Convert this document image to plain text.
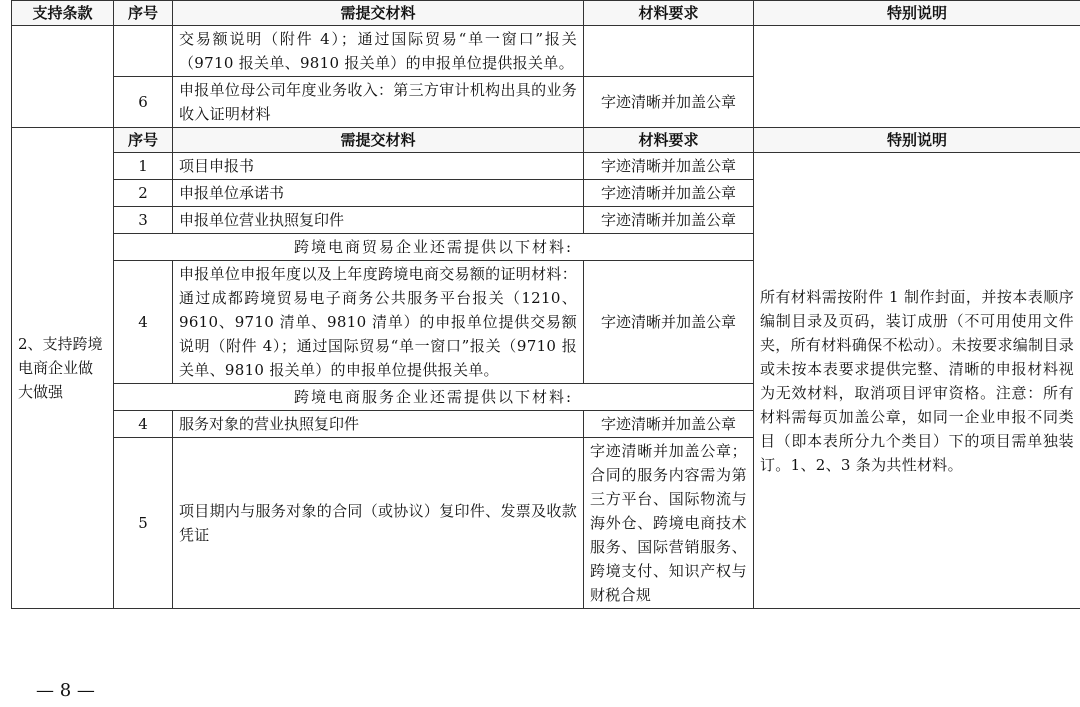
支持条款	序号	需提交材料	材料要求	特别说明
		交易额说明（附件 4）；通过国际贸易“单一窗口”报关（9710 报关单、9810 报关单）的申报单位提供报关单。		
	6	申报单位母公司年度业务收入：第三方审计机构出具的业务收入证明材料	字迹清晰并加盖公章	
2、支持跨境电商企业做大做强	序号	需提交材料	材料要求	特别说明
	1	项目申报书	字迹清晰并加盖公章	所有材料需按附件 1 制作封面，并按本表顺序编制目录及页码，装订成册（不可用使用文件夹，所有材料确保不松动）。未按要求编制目录或未按本表要求提供完整、清晰的申报材料视为无效材料，取消项目评审资格。注意：所有材料需每页加盖公章，如同一企业申报不同类目（即本表所分九个类目）下的项目需单独装订。1、2、3 条为共性材料。
	2	申报单位承诺书	字迹清晰并加盖公章	
	3	申报单位营业执照复印件	字迹清晰并加盖公章	
	跨境电商贸易企业还需提供以下材料:			
	4	申报单位申报年度以及上年度跨境电商交易额的证明材料：通过成都跨境贸易电子商务公共服务平台报关（1210、9610、9710 清单、9810 清单）的申报单位提供交易额说明（附件 4）；通过国际贸易“单一窗口”报关（9710 报关单、9810 报关单）的申报单位提供报关单。	字迹清晰并加盖公章	
	跨境电商服务企业还需提供以下材料:			
	4	服务对象的营业执照复印件	字迹清晰并加盖公章	
	5	项目期内与服务对象的合同（或协议）复印件、发票及收款凭证	字迹清晰并加盖公章；合同的服务内容需为第三方平台、国际物流与海外仓、跨境电商技术服务、国际营销服务、跨境支付、知识产权与财税合规	
— 8 —
